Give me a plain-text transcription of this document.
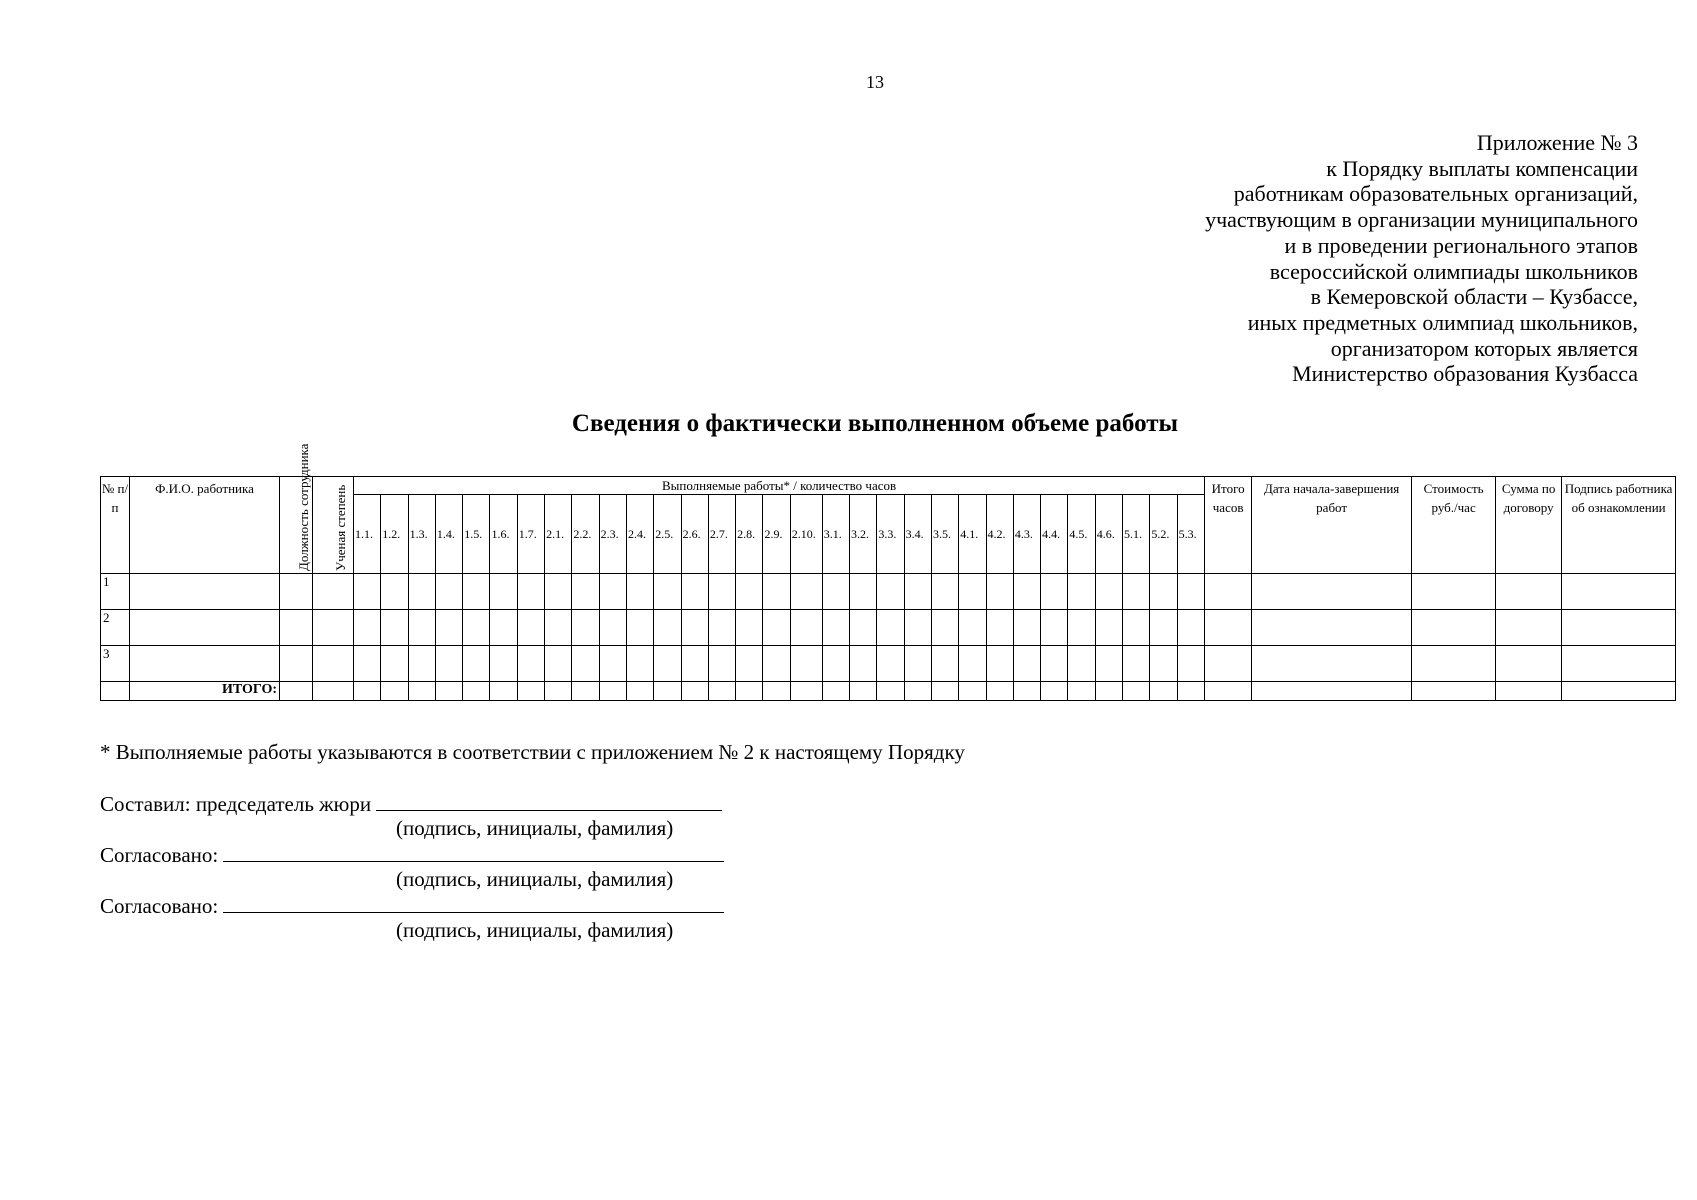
13
Приложение № 3
к Порядку выплаты компенсации
работникам образовательных организаций,
участвующим в организации муниципального
и в проведении регионального этапов
всероссийской олимпиады школьников
в Кемеровской области – Кузбассе,
иных предметных олимпиад школьников,
организатором которых является
Министерство образования Кузбасса
Сведения о фактически выполненном объеме работы
№ п/п	Ф.И.О. работника	Должность сотрудника	Ученая степень	Выполняемые работы* / количество часов																															Итого часов	Дата начала-завершения работ	Стоимость руб./час	Сумма по договору	Подпись работника об ознакомлении
				1.1.	1.2.	1.3.	1.4.	1.5.	1.6.	1.7.	2.1.	2.2.	2.3.	2.4.	2.5.	2.6.	2.7.	2.8.	2.9.	2.10.	3.1.	3.2.	3.3.	3.4.	3.5.	4.1.	4.2.	4.3.	4.4.	4.5.	4.6.	5.1.	5.2.	5.3.					
1																																							
2																																							
3																																							
	ИТОГО:																																						
* Выполняемые работы указываются в соответствии с приложением № 2 к настоящему Порядку
Составил: председатель жюри
(подпись, инициалы, фамилия)
Согласовано:
(подпись, инициалы, фамилия)
Согласовано:
(подпись, инициалы, фамилия)
